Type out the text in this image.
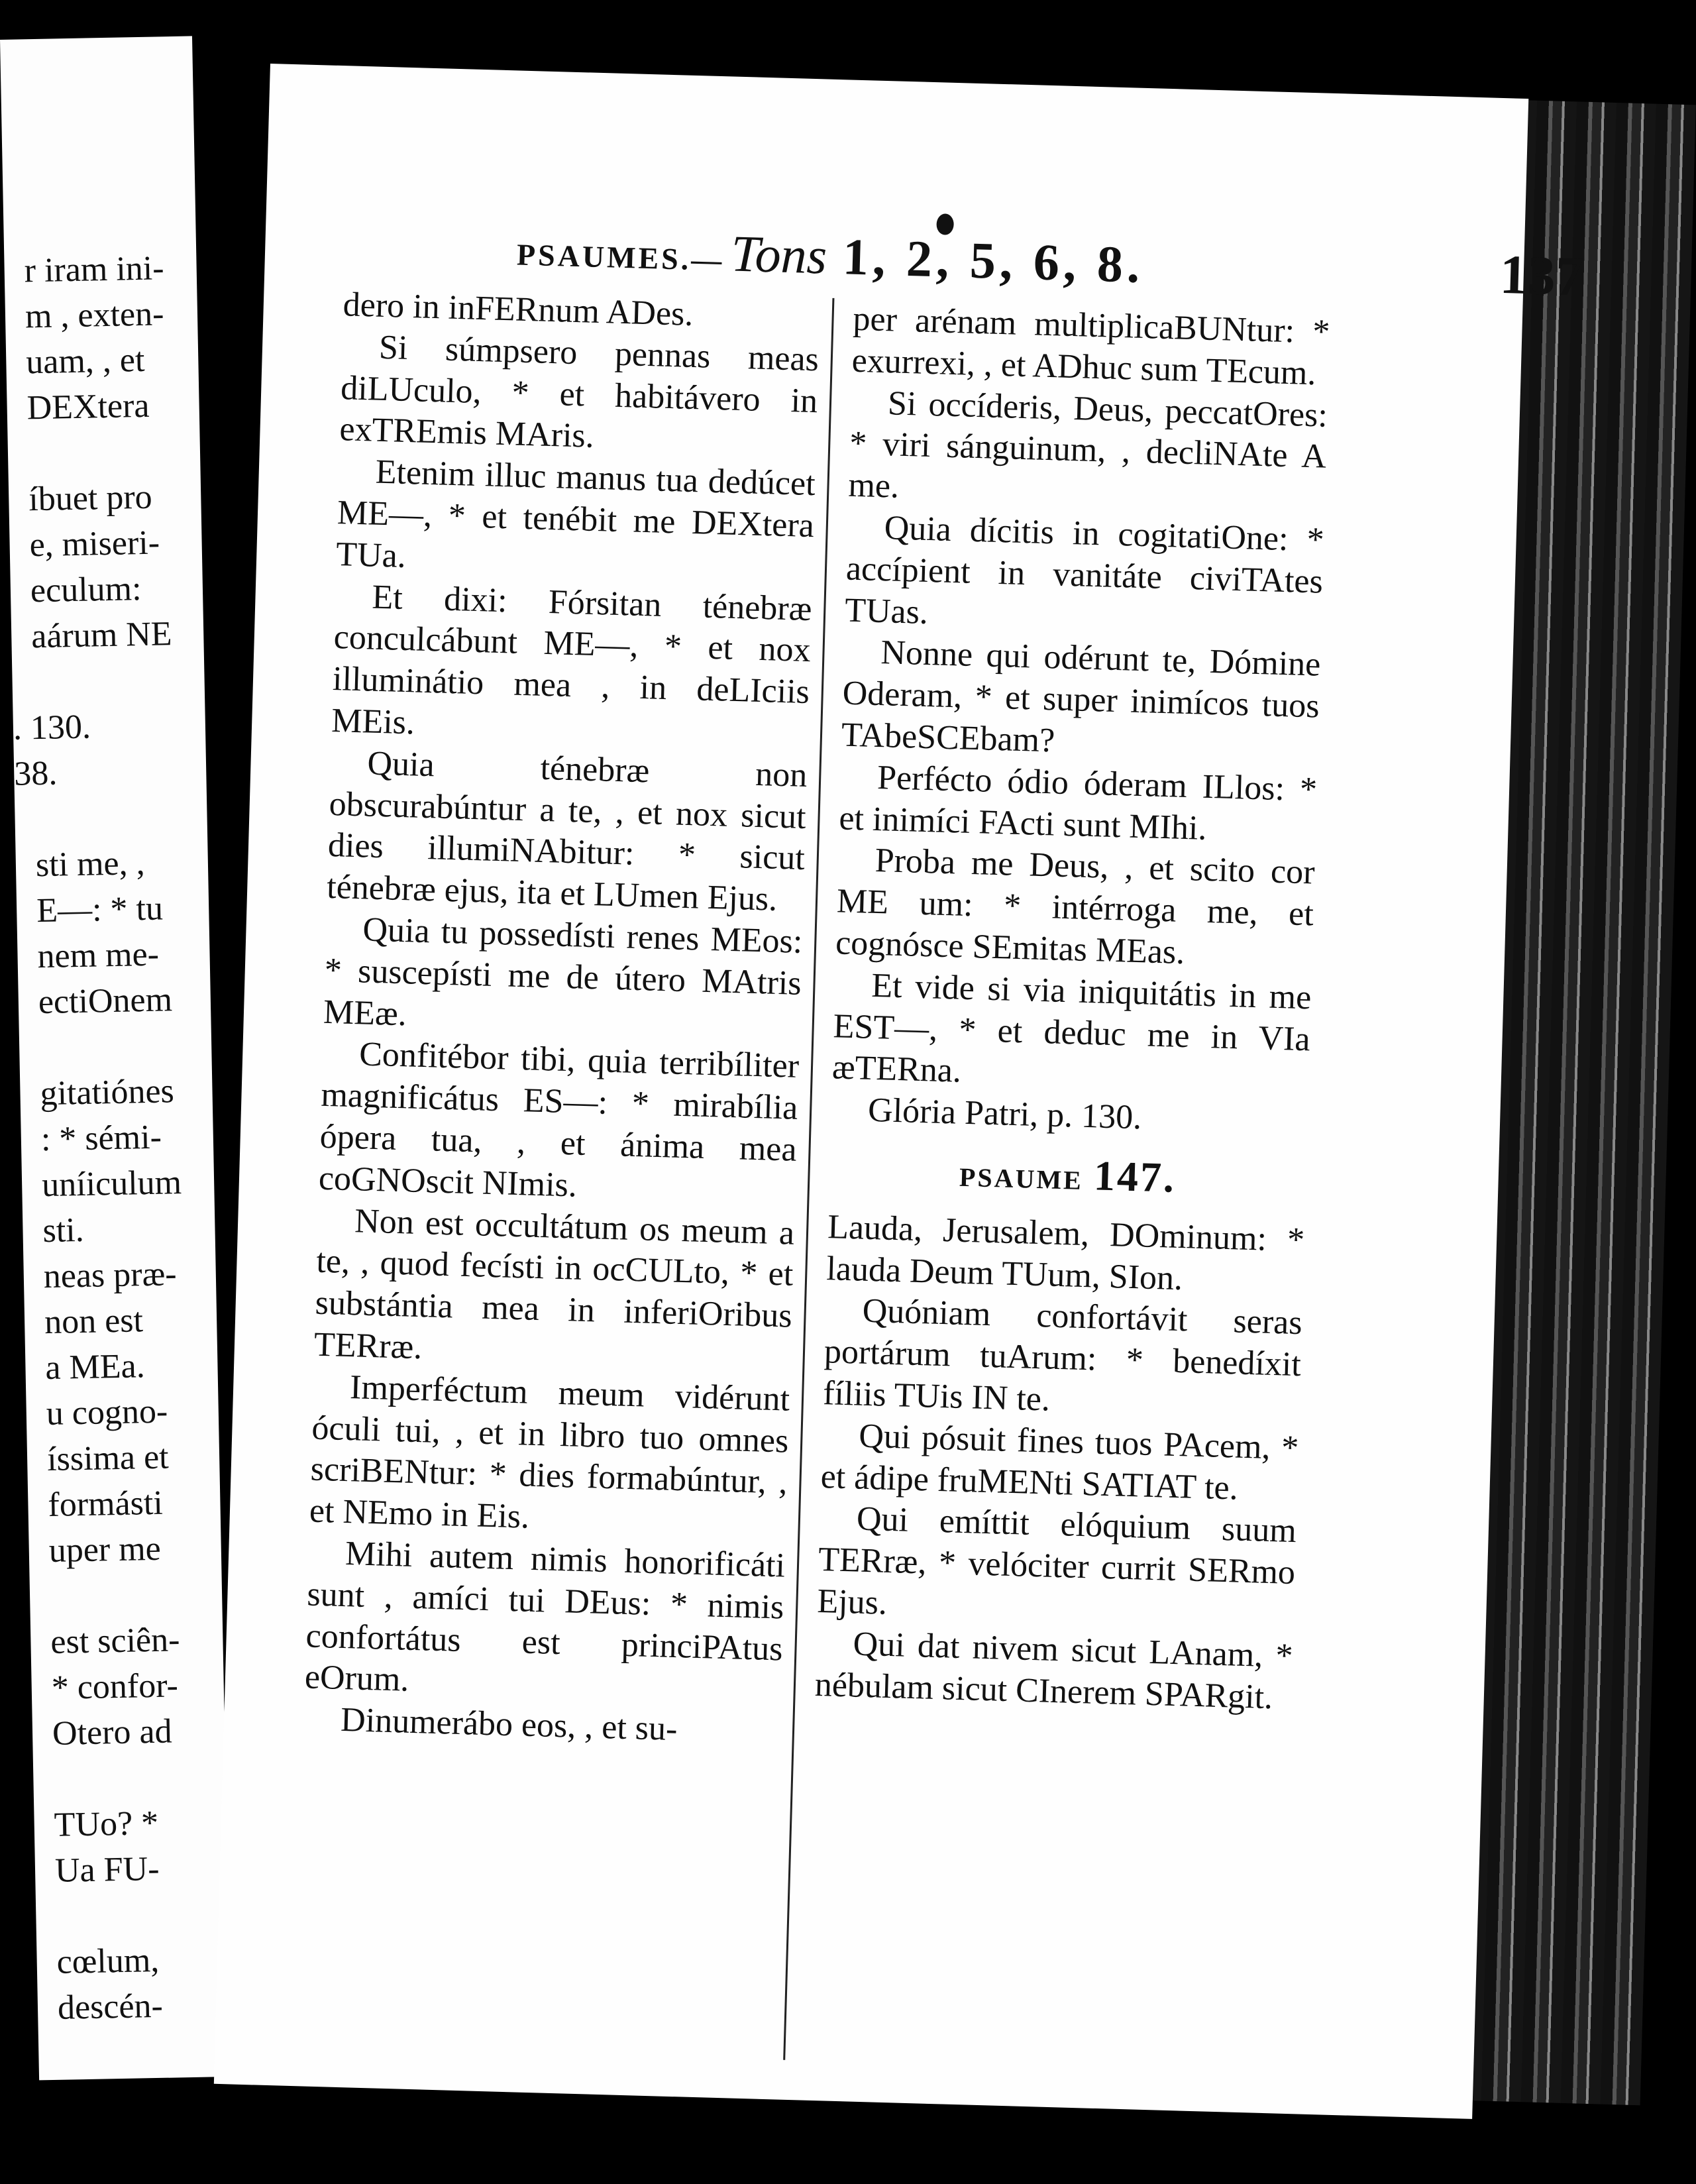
r iram ini-
m , exten-
uam, , et
DEXtera
íbuet pro
e, miseri-
eculum:
aárum NE
. 130.
38.
sti me, ,
E—: * tu
nem me-
ectiOnem
gitatiónes
: * sémi-
uníiculum
sti.
neas præ-
non est
a MEa.
u cogno-
íssima et
formásti
uper me
est sciên-
* confor-
Otero ad
TUo? *
Ua FU-
cœlum,
descén-
PSAUMES.— Tons 1, 2, 5, 6, 8.	137

dero in inFERnum ADes.

Si súmpsero pennas meas diLUculo, * et habitávero in exTREmis MAris.

Etenim illuc manus tua dedúcet ME—, * et tenébit me DEXtera TUa.

Et dixi: Fórsitan ténebræ conculcábunt ME—, * et nox illuminátio mea , in deLIciis MEis.

Quia ténebræ non obscurabúntur a te, , et nox sicut dies illumiNAbitur: * sicut ténebræ ejus, ita et LUmen Ejus.

Quia tu possedísti renes MEos: * suscepísti me de útero MAtris MEæ.

Confitébor tibi, quia terribíliter magnificátus ES—: * mirabília ópera tua, , et ánima mea coGNOscit NImis.

Non est occultátum os meum a te, , quod fecísti in ocCULto, * et substántia mea in inferiOribus TERræ.

Imperféctum meum vidérunt óculi tui, , et in libro tuo omnes scriBENtur: * dies formabúntur, , et NEmo in Eis.

Mihi autem nimis honorificáti sunt , amíci tui DEus: * nimis confortátus est princiPAtus eOrum.

Dinumerábo eos, , et su-

per arénam multiplicaBUNtur: * exurrexi, , et ADhuc sum TEcum.

Si occíderis, Deus, peccatOres: * viri sánguinum, , decliNAte A me.

Quia dícitis in cogitatiOne: * accípient in vanitáte civiTAtes TUas.

Nonne qui odérunt te, Dómine Oderam, * et super inimícos tuos TAbeSCEbam?

Perfécto ódio óderam ILlos: * et inimíci FActi sunt MIhi.

Proba me Deus, , et scito cor ME um: * intérroga me, et cognósce SEmitas MEas.

Et vide si via iniquitátis in me EST—, * et deduc me in VIa æTERna.

Glória Patri, p. 130.

PSAUME 147.

Lauda, Jerusalem, DOminum: * lauda Deum TUum, SIon.

Quóniam confortávit seras portárum tuArum: * benedíxit fíliis TUis IN te.

Qui pósuit fines tuos PAcem, * et ádipe fruMENti SATIAT te.

Qui emíttit elóquium suum TERræ, * velóciter currit SERmo Ejus.

Qui dat nivem sicut LAnam, * nébulam sicut CInerem SPARgit.
